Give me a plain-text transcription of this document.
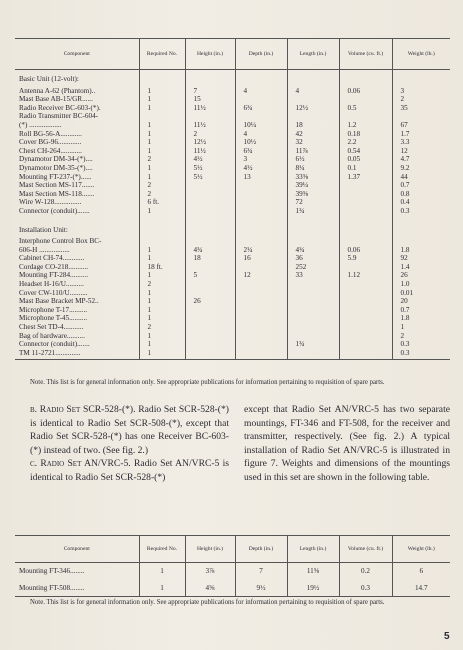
Component	Required No.	Height (in.)	Depth (in.)	Length (in.)	Volume (cu. ft.)	Weight (lb.)
Basic Unit (12-volt):						
Antenna A-62 (Phantom)..	1	7	4	4	0.06	3
Mast Base AB-15/GR......	1	15				2
Radio Receiver BC-603-(*).	1	11½	6¾	12½	0.5	35
Radio Transmitter BC-604-						
(*) ..................	1	11½	10¼	18	1.2	67
Roll BG-56-A............	1	2	4	42	0.18	1.7
Cover BG-96.............	1	12½	10½	32	2.2	3.3
Chest CH-264............	1	11½	6¾	11⅞	0.54	12
Dynamotor DM-34-(*)....	2	4½	3	6½	0.05	4.7
Dynamotor DM-35-(*)....	1	5½	4½	8¼	0.1	9.2
Mounting FT-237-(*)......	1	5½	13	33⅝	1.37	44
Mast Section MS-117.......	2			39¼		0.7
Mast Section MS-118.......	2			39⅝		0.8
Wire W-128...............	6 ft.			72		0.4
Connector (conduit).......	1			1¾		0.3
Installation Unit:						
Interphone Control Box BC-						
606-H .................	1	4¾	2¼	4¾	0.06	1.8
Cabinet CH-74............	1	18	16	36	5.9	92
Cordage CO-218...........	18 ft.			252		1.4
Mounting FT-284..........	1	5	12	33	1.12	26
Headset H-16/U..........	2					1.0
Cover CW-110/U..........	1					0.01
Mast Base Bracket MP-52..	1	26				20
Microphone T-17..........	1					0.7
Microphone T-45..........	1					1.8
Chest Set TD-4...........	2					1
Bag of hardware..........	1					2
Connector (conduit).......	1			1¾		0.3
TM 11-2721..............	1					0.3
Note. This list is for general information only. See appropriate publications for information pertaining to requisition of spare parts.

b. Radio Set SCR-528-(*). Radio Set SCR-528-(*) is identical to Radio Set SCR-508-(*), except that Radio Set SCR-528-(*) has one Receiver BC-603-(*) instead of two. (See fig. 2.)

c. Radio Set AN/VRC-5. Radio Set AN/VRC-5 is identical to Radio Set SCR-528-(*)

except that Radio Set AN/VRC-5 has two separate mountings, FT-346 and FT-508, for the receiver and transmitter, respectively. (See fig. 2.) A typical installation of Radio Set AN/VRC-5 is illustrated in figure 7. Weights and dimensions of the mountings used in this set are shown in the following table.
Component	Required No.	Height (in.)	Depth (in.)	Length (in.)	Volume (cu. ft.)	Weight (lb.)
Mounting FT-346........	1	3⅞	7	11⅝	0.2	6
Mounting FT-508........	1	4⅝	9½	19½	0.3	14.7
Note. This list is for general information only. See appropriate publications for information pertaining to requisition of spare parts.
5
